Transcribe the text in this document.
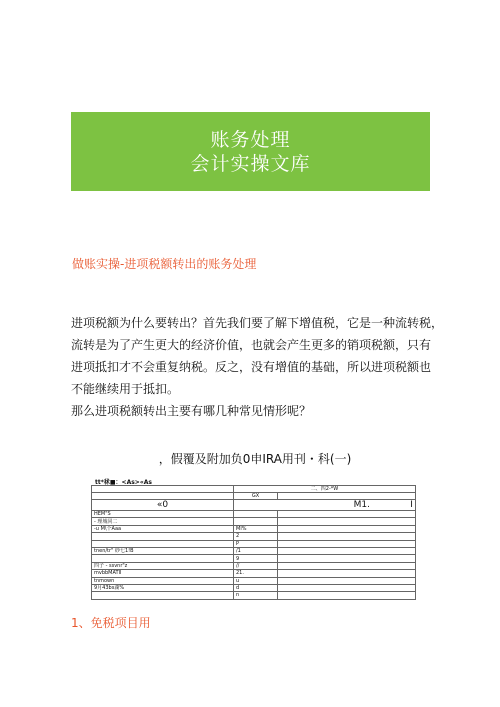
账务处理
会计实操文库
做账实操-进项税额转出的账务处理

进项税额为什么要转出？首先我们要了解下增值税，它是一种流转税，

流转是为了产生更大的经济价值，也就会产生更多的销项税额，只有

进项抵扣才不会重复纳税。反之，没有增值的基础，所以进项税额也

不能继续用于抵扣。

那么进项税额转出主要有哪几种常见情形呢？

，假覆及附加负0申IRA用刊・科(一)
tt*秫■：<As>«As
	二、四2-*W	
	GX	
«0	M1. I	
HEM"S		
- 理城同二		
-u M\个Aaa	Ml%	
	2	
	P	
tnen/tr" 砂七1!B	/1	
	9	
四子 - ssvnr"z	//	
mvbbMATII	21.	
tnmown	u	
9月43bs湖%	d	
	n	
1、免税项目用
